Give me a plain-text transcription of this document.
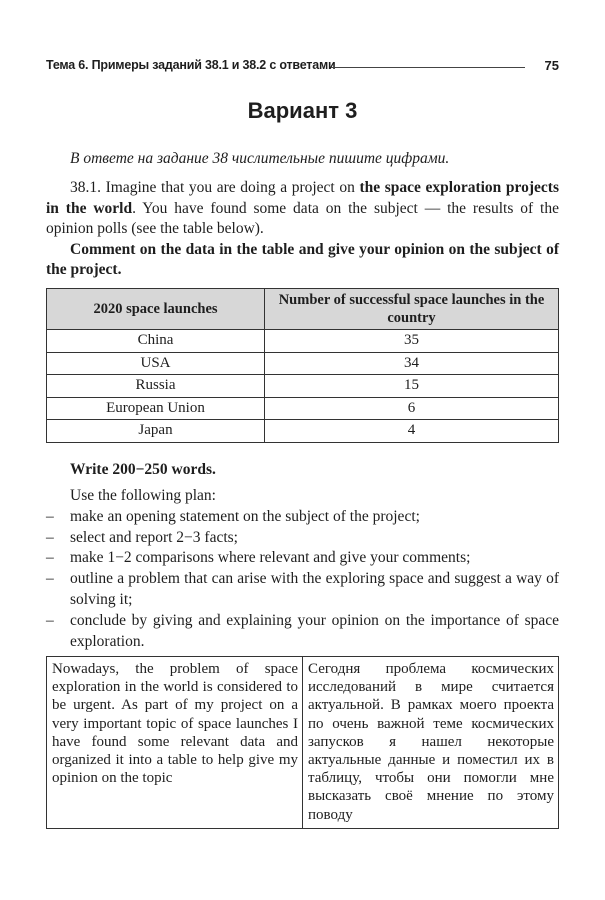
Тема 6. Примеры заданий 38.1 и 38.2 с ответами	75
Вариант 3
В ответе на задание 38 числительные пишите цифрами.

38.1. Imagine that you are doing a project on the space exploration projects in the world. You have found some data on the subject — the results of the opinion polls (see the table below).

Comment on the data in the table and give your opinion on the subject of the project.

2020 space launches	Number of successful space launches in the country
China	35
USA	34
Russia	15
European Union	6
Japan	4
Write 200−250 words.
Use the following plan:
– make an opening statement on the subject of the project;
– select and report 2−3 facts;
– make 1−2 comparisons where relevant and give your comments;
– outline a problem that can arise with the exploring space and suggest a way of solving it;
– conclude by giving and explaining your opinion on the importance of space exploration.
Nowadays, the problem of space exploration in the world is considered to be urgent. As part of my project on a very important topic of space launches I have found some relevant data and organized it into a table to help give my opinion on the topic	Сегодня проблема космических исследований в мире считается актуальной. В рамках моего проекта по очень важной теме космических запусков я нашел некоторые актуальные данные и поместил их в таблицу, чтобы они помогли мне высказать своё мнение по этому поводу
